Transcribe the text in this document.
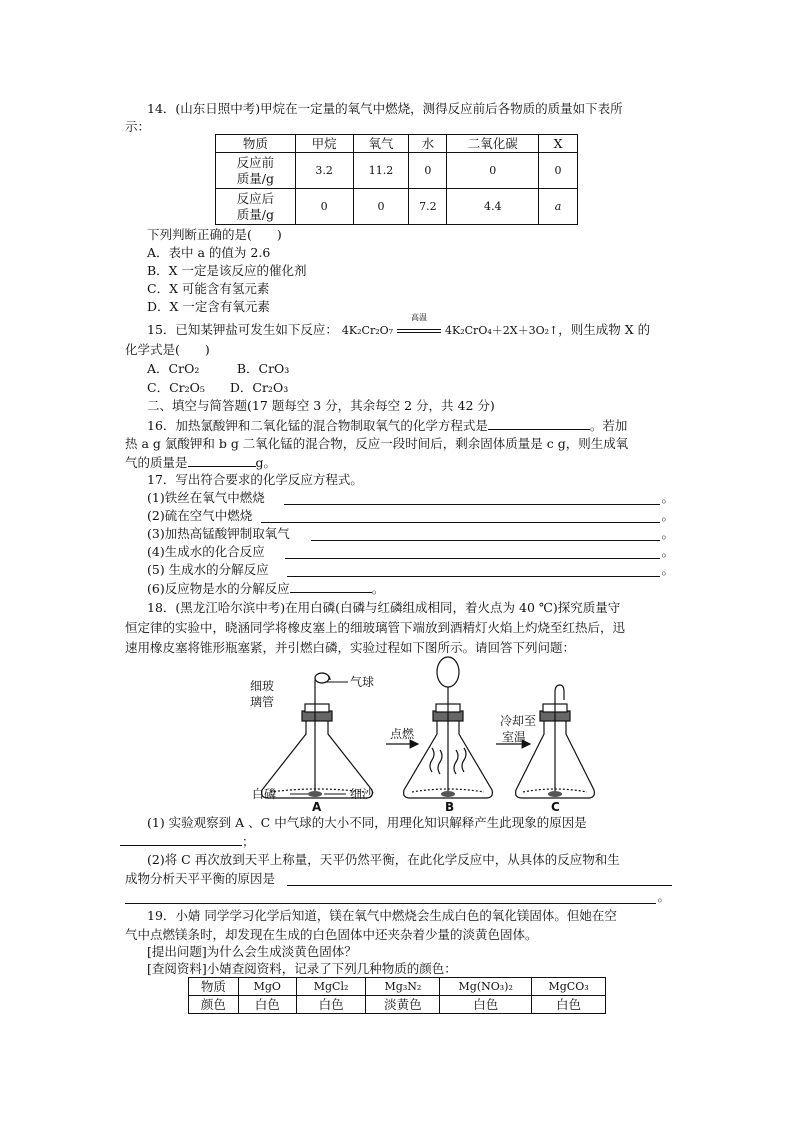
14．(山东日照中考)甲烷在一定量的氧气中燃烧，测得反应前后各物质的质量如下表所
示：
物质	甲烷	氧气	水	二氧化碳	X

反应前
质量/g	3.2	11.2	0	0	0

反应后
质量/g	0	0	7.2	4.4	a
下列判断正确的是(　　)
A．表中 a 的值为 2.6
B．X 一定是该反应的催化剂
C．X 可能含有氢元素
D．X 一定含有氧元素
15．已知某钾盐可发生如下反应： 4K₂Cr₂O₇
高温
4K₂CrO₄＋2X＋3O₂↑，则生成物 X 的
化学式是(　　)
A．CrO₂　　　B．CrO₃
C．Cr₂O₅　　D．Cr₂O₃
二、填空与简答题(17 题每空 3 分，其余每空 2 分，共 42 分)
16．加热氯酸钾和二氧化锰的混合物制取氧气的化学方程式是	。若加
热 a g 氯酸钾和 b g 二氧化锰的混合物，反应一段时间后，剩余固体质量是 c g，则生成氧
气的质量是	g。
17．写出符合要求的化学反应方程式。
(1)铁丝在氧气中燃烧	。
(2)硫在空气中燃烧	。
(3)加热高锰酸钾制取氧气	。
(4)生成水的化合反应	。
(5) 生成水的分解反应	。
(6)反应物是水的分解反应	。
18．(黑龙江哈尔滨中考)在用白磷(白磷与红磷组成相同，着火点为 40 ℃)探究质量守
恒定律的实验中，晓涵同学将橡皮塞上的细玻璃管下端放到酒精灯火焰上灼烧至红热后，迅
速用橡皮塞将锥形瓶塞紧，并引燃白磷，实验过程如下图所示。请回答下列问题：
细玻
璃管
气球
白磷	细沙
点燃
冷却至
室温
A	B	C
(1) 实验观察到 A 、C 中气球的大小不同，用理化知识解释产生此现象的原因是
；
(2)将 C 再次放到天平上称量，天平仍然平衡，在此化学反应中，从具体的反应物和生
成物分析天平平衡的原因是
。
19．小婧 同学学习化学后知道，镁在氧气中燃烧会生成白色的氧化镁固体。但她在空
气中点燃镁条时，却发现在生成的白色固体中还夹杂着少量的淡黄色固体。
[提出问题]为什么会生成淡黄色固体？
[查阅资料]小婧查阅资料，记录了下列几种物质的颜色：
物质	MgO	MgCl₂	Mg₃N₂	Mg(NO₃)₂	MgCO₃
颜色	白色	白色	淡黄色	白色	白色
